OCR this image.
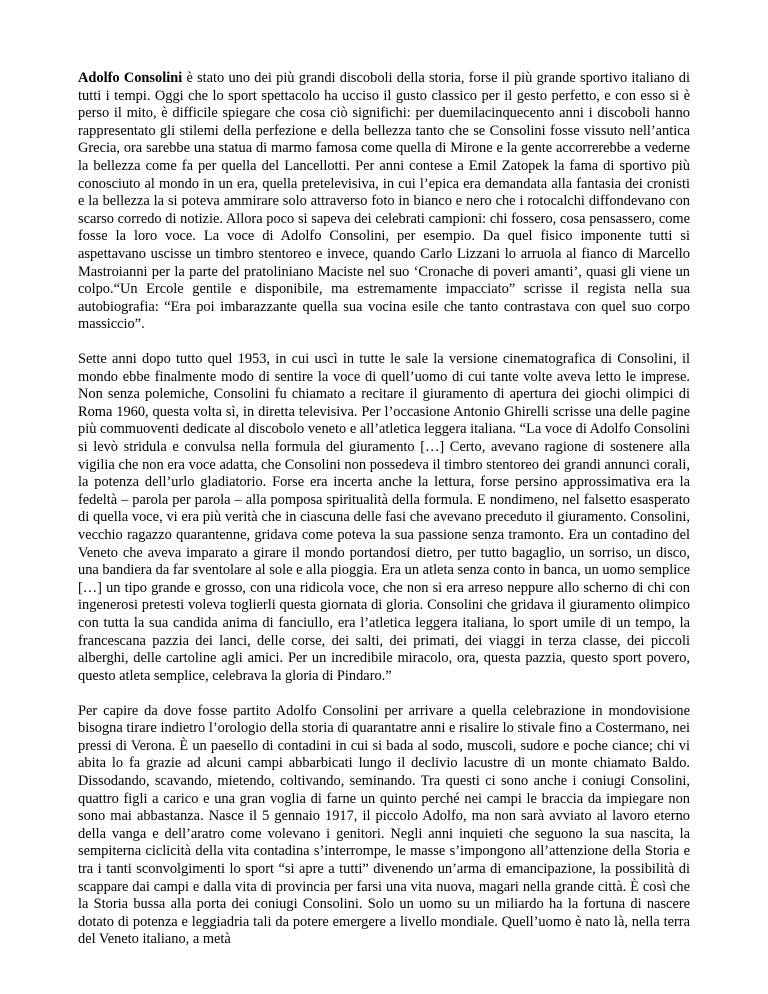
Adolfo Consolini è stato uno dei più grandi discoboli della storia, forse il più grande sportivo italiano di tutti i tempi. Oggi che lo sport spettacolo ha ucciso il gusto classico per il gesto perfetto, e con esso si è perso il mito, è difficile spiegare che cosa ciò significhi: per duemilacinquecento anni i discoboli hanno rappresentato gli stilemi della perfezione e della bellezza tanto che se Consolini fosse vissuto nell’antica Grecia, ora sarebbe una statua di marmo famosa come quella di Mirone e la gente accorrerebbe a vederne la bellezza come fa per quella del Lancellotti. Per anni contese a Emil Zatopek la fama di sportivo più conosciuto al mondo in un era, quella pretelevisiva, in cui l’epica era demandata alla fantasia dei cronisti e la bellezza la si poteva ammirare solo attraverso foto in bianco e nero che i rotocalchi diffondevano con scarso corredo di notizie. Allora poco si sapeva dei celebrati campioni: chi fossero, cosa pensassero, come fosse la loro voce. La voce di Adolfo Consolini, per esempio. Da quel fisico imponente tutti si aspettavano uscisse un timbro stentoreo e invece, quando Carlo Lizzani lo arruola al fianco di Marcello Mastroianni per la parte del pratoliniano Maciste nel suo ‘Cronache di poveri amanti’, quasi gli viene un colpo.“Un Ercole gentile e disponibile, ma estremamente impacciato” scrisse il regista nella sua autobiografia: “Era poi imbarazzante quella sua vocina esile che tanto contrastava con quel suo corpo massiccio”.

Sette anni dopo tutto quel 1953, in cui uscì in tutte le sale la versione cinematografica di Consolini, il mondo ebbe finalmente modo di sentire la voce di quell’uomo di cui tante volte aveva letto le imprese. Non senza polemiche, Consolini fu chiamato a recitare il giuramento di apertura dei giochi olimpici di Roma 1960, questa volta sì, in diretta televisiva. Per l’occasione Antonio Ghirelli scrisse una delle pagine più commuoventi dedicate al discobolo veneto e all’atletica leggera italiana. “La voce di Adolfo Consolini si levò stridula e convulsa nella formula del giuramento […] Certo, avevano ragione di sostenere alla vigilia che non era voce adatta, che Consolini non possedeva il timbro stentoreo dei grandi annunci corali, la potenza dell’urlo gladiatorio. Forse era incerta anche la lettura, forse persino approssimativa era la fedeltà – parola per parola – alla pomposa spiritualità della formula. E nondimeno, nel falsetto esasperato di quella voce, vi era più verità che in ciascuna delle fasi che avevano preceduto il giuramento. Consolini, vecchio ragazzo quarantenne, gridava come poteva la sua passione senza tramonto. Era un contadino del Veneto che aveva imparato a girare il mondo portandosi dietro, per tutto bagaglio, un sorriso, un disco, una bandiera da far sventolare al sole e alla pioggia. Era un atleta senza conto in banca, un uomo semplice […] un tipo grande e grosso, con una ridicola voce, che non si era arreso neppure allo scherno di chi con ingenerosi pretesti voleva toglierli questa giornata di gloria. Consolini che gridava il giuramento olimpico con tutta la sua candida anima di fanciullo, era l’atletica leggera italiana, lo sport umile di un tempo, la francescana pazzia dei lanci, delle corse, dei salti, dei primati, dei viaggi in terza classe, dei piccoli alberghi, delle cartoline agli amici. Per un incredibile miracolo, ora, questa pazzia, questo sport povero, questo atleta semplice, celebrava la gloria di Pindaro.”

Per capire da dove fosse partito Adolfo Consolini per arrivare a quella celebrazione in mondovisione bisogna tirare indietro l’orologio della storia di quarantatre anni e risalire lo stivale fino a Costermano, nei pressi di Verona. È un paesello di contadini in cui si bada al sodo, muscoli, sudore e poche ciance; chi vi abita lo fa grazie ad alcuni campi abbarbicati lungo il declivio lacustre di un monte chiamato Baldo. Dissodando, scavando, mietendo, coltivando, seminando. Tra questi ci sono anche i coniugi Consolini, quattro figli a carico e una gran voglia di farne un quinto perché nei campi le braccia da impiegare non sono mai abbastanza. Nasce il 5 gennaio 1917, il piccolo Adolfo, ma non sarà avviato al lavoro eterno della vanga e dell’aratro come volevano i genitori. Negli anni inquieti che seguono la sua nascita, la sempiterna ciclicità della vita contadina s’interrompe, le masse s’impongono all’attenzione della Storia e tra i tanti sconvolgimenti lo sport “si apre a tutti” divenendo un’arma di emancipazione, la possibilità di scappare dai campi e dalla vita di provincia per farsi una vita nuova, magari nella grande città. È così che la Storia bussa alla porta dei coniugi Consolini. Solo un uomo su un miliardo ha la fortuna di nascere dotato di potenza e leggiadria tali da potere emergere a livello mondiale. Quell’uomo è nato là, nella terra del Veneto italiano, a metà
